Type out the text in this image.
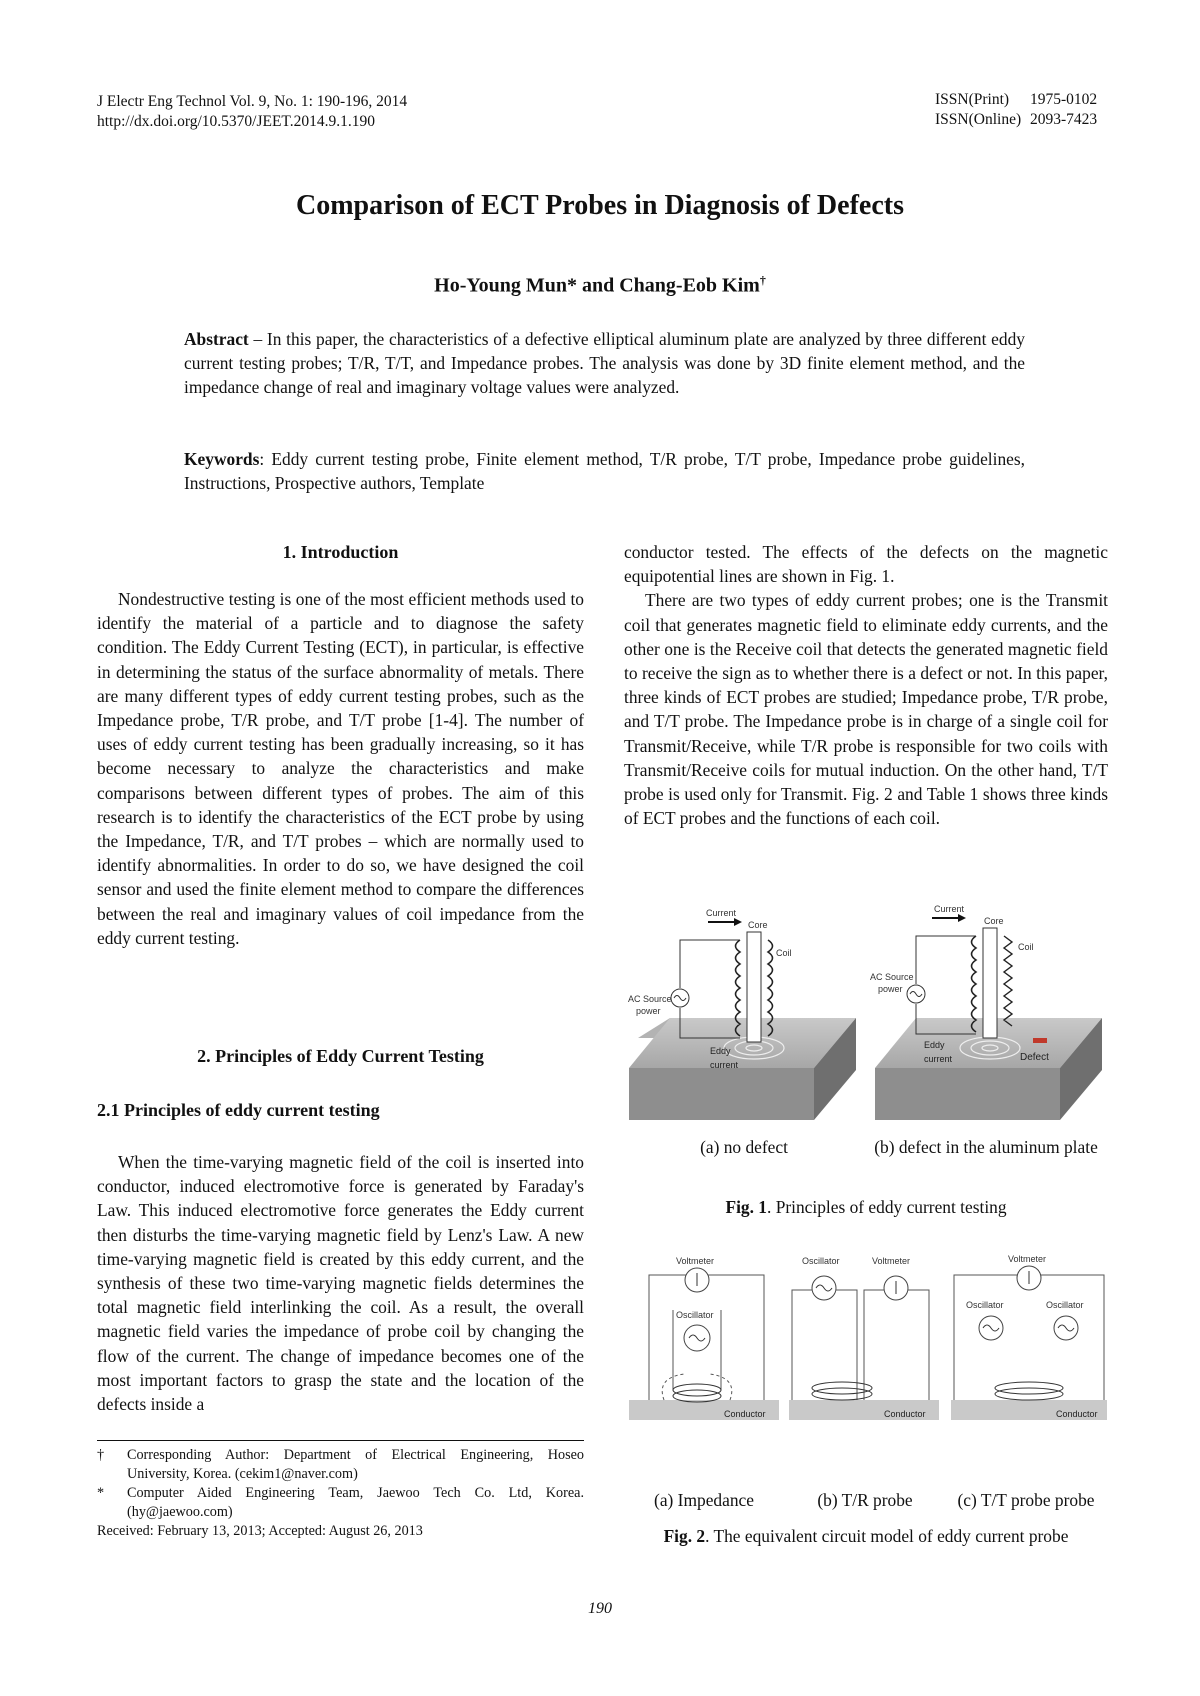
J Electr Eng Technol Vol. 9, No. 1: 190-196, 2014
http://dx.doi.org/10.5370/JEET.2014.9.1.190
ISSN(Print) 1975-0102
ISSN(Online) 2093-7423
Comparison of ECT Probes in Diagnosis of Defects
Ho-Young Mun* and Chang-Eob Kim†
Abstract – In this paper, the characteristics of a defective elliptical aluminum plate are analyzed by three different eddy current testing probes; T/R, T/T, and Impedance probes. The analysis was done by 3D finite element method, and the impedance change of real and imaginary voltage values were analyzed.
Keywords: Eddy current testing probe, Finite element method, T/R probe, T/T probe, Impedance probe guidelines, Instructions, Prospective authors, Template
1. Introduction

Nondestructive testing is one of the most efficient methods used to identify the material of a particle and to diagnose the safety condition. The Eddy Current Testing (ECT), in particular, is effective in determining the status of the surface abnormality of metals. There are many different types of eddy current testing probes, such as the Impedance probe, T/R probe, and T/T probe [1-4]. The number of uses of eddy current testing has been gradually increasing, so it has become necessary to analyze the characteristics and make comparisons between different types of probes. The aim of this research is to identify the characteristics of the ECT probe by using the Impedance, T/R, and T/T probes – which are normally used to identify abnormalities. In order to do so, we have designed the coil sensor and used the finite element method to compare the differences between the real and imaginary values of coil impedance from the eddy current testing.

2. Principles of Eddy Current Testing
2.1 Principles of eddy current testing

When the time-varying magnetic field of the coil is inserted into conductor, induced electromotive force is generated by Faraday's Law. This induced electromotive force generates the Eddy current then disturbs the time-varying magnetic field by Lenz's Law. A new time-varying magnetic field is created by this eddy current, and the synthesis of these two time-varying magnetic fields determines the total magnetic field interlinking the coil. As a result, the overall magnetic field varies the impedance of probe coil by changing the flow of the current. The change of impedance becomes one of the most important factors to grasp the state and the location of the defects inside a

†	Corresponding Author: Department of Electrical Engineering, Hoseo University, Korea. (cekim1@naver.com)
*	Computer Aided Engineering Team, Jaewoo Tech Co. Ltd, Korea. (hy@jaewoo.com)
Received: February 13, 2013; Accepted: August 26, 2013

conductor tested. The effects of the defects on the magnetic equipotential lines are shown in Fig. 1.

There are two types of eddy current probes; one is the Transmit coil that generates magnetic field to eliminate eddy currents, and the other one is the Receive coil that detects the generated magnetic field to receive the sign as to whether there is a defect or not. In this paper, three kinds of ECT probes are studied; Impedance probe, T/R probe, and T/T probe. The Impedance probe is in charge of a single coil for Transmit/Receive, while T/R probe is responsible for two coils with Transmit/Receive coils for mutual induction. On the other hand, T/T probe is used only for Transmit. Fig. 2 and Table 1 shows three kinds of ECT probes and the functions of each coil.

Current
Core
Coil
AC Source
power
Eddy
current
Current
Core
Coil
AC Source
power
Eddy
current	Defect
(a) no defect	(b) defect in the aluminum plate
Fig. 1. Principles of eddy current testing
Voltmeter
Oscillator
Conductor
Oscillator	Voltmeter
Conductor
Voltmeter
Oscillator	Oscillator
Conductor
(a) Impedance	(b) T/R probe	(c) T/T probe probe
Fig. 2. The equivalent circuit model of eddy current probe
190
